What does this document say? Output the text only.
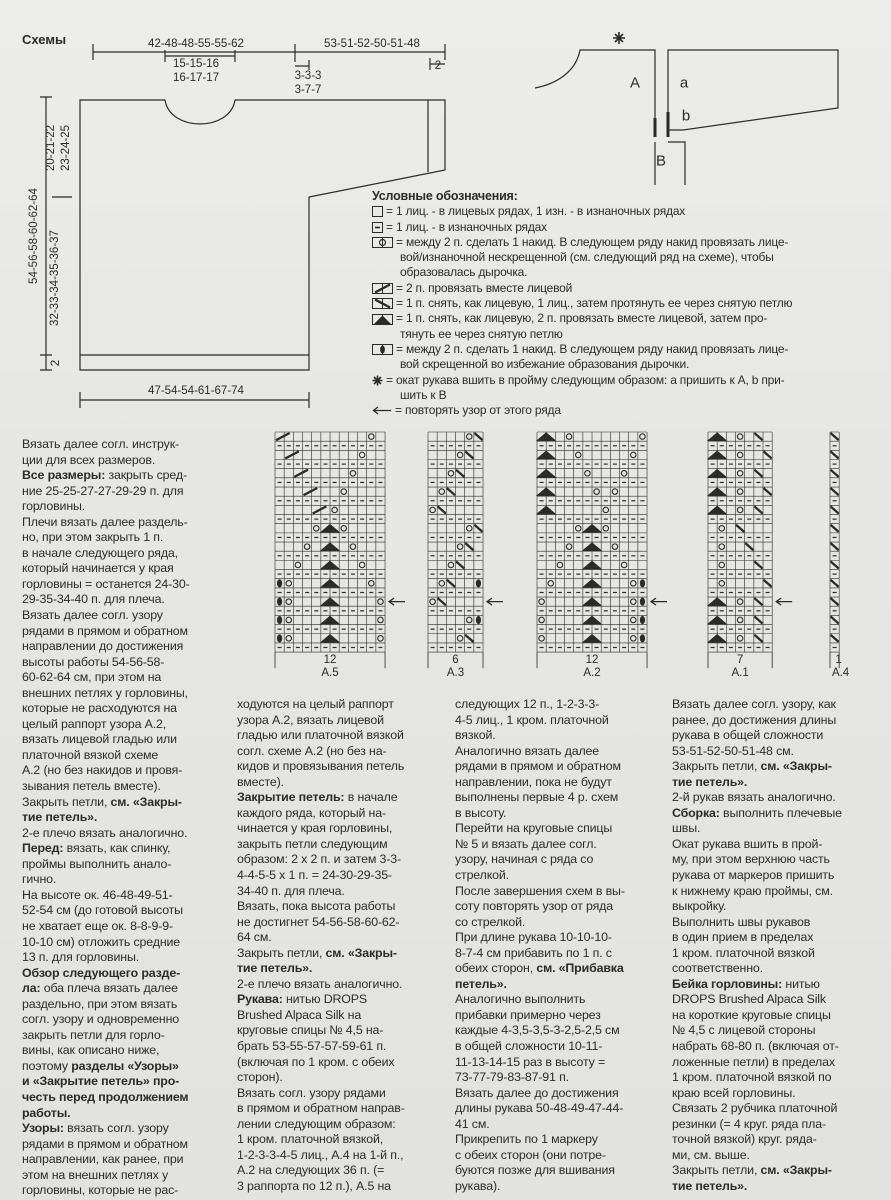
Схемы	42-48-48-55-55-62	53-51-52-50-51-48
15-15-16
16-17-17	3-3-3
3-7-7
2
20-21-22 23-24-25
54-56-58-60-62-64 32-33-34-35-36-37
2
47-54-54-61-67-74
A	a
b
B
Условные обозначения:
= 1 лиц. - в лицевых рядах, 1 изн. - в изнаночных рядах
= 1 лиц. - в изнаночных рядах
= между 2 п. сделать 1 накид. В следующем ряду накид провязать лице-
вой/изнаночной нескрещенной (см. следующий ряд на схеме), чтобы
образовалась дырочка.
= 2 п. провязать вместе лицевой
= 1 п. снять, как лицевую, 1 лиц., затем протянуть ее через снятую петлю
= 1 п. снять, как лицевую, 2 п. провязать вместе лицевой, затем про-
тянуть ее через снятую петлю
= между 2 п. сделать 1 накид. В следующем ряду накид провязать лице-
вой скрещенной во избежание образования дырочки.
= окат рукава вшить в пройму следующим образом: а пришить к А, b при-
шить к В
= повторять узор от этого ряда
Вязать далее согл. инструк-
ции для всех размеров.
Все размеры: закрыть сред-
ние 25-25-27-27-29-29 п. для
горловины.
Плечи вязать далее раздель-
но, при этом закрыть 1 п.
в начале следующего ряда,
который начинается у края
горловины = останется 24-30-
29-35-34-40 п. для плеча.
Вязать далее согл. узору
рядами в прямом и обратном
направлении до достижения
высоты работы 54-56-58-
60-62-64 см, при этом на
внешних петлях у горловины,
которые не расходуются на
целый раппорт узора А.2,
вязать лицевой гладью или
платочной вязкой схеме
А.2 (но без накидов и провя-
зывания петель вместе).
Закрыть петли, см. «Закры-
тие петель».
2-е плечо вязать аналогично.
Перед: вязать, как спинку,
проймы выполнить анало-
гично.
На высоте ок. 46-48-49-51-
52-54 см (до готовой высоты
не хватает еще ок. 8-8-9-9-
10-10 см) отложить средние
13 п. для горловины.
Обзор следующего разде-
ла: оба плеча вязать далее
раздельно, при этом вязать
согл. узору и одновременно
закрыть петли для горло-
вины, как описано ниже,
поэтому разделы «Узоры»
и «Закрытие петель» про-
честь перед продолжением
работы.
Узоры: вязать согл. узору
рядами в прямом и обратном
направлении, как ранее, при
этом на внешних петлях у
горловины, которые не рас-
ходуются на целый раппорт
узора А.2, вязать лицевой
гладью или платочной вязкой
согл. схеме А.2 (но без на-
кидов и провязывания петель
вместе).
Закрытие петель: в начале
каждого ряда, который на-
чинается у края горловины,
закрыть петли следующим
образом: 2 x 2 п. и затем 3-3-
4-4-5-5 x 1 п. = 24-30-29-35-
34-40 п. для плеча.
Вязать, пока высота работы
не достигнет 54-56-58-60-62-
64 см.
Закрыть петли, см. «Закры-
тие петель».
2-е плечо вязать аналогично.
Рукава: нитью DROPS
Brushed Alpaca Silk на
круговые спицы № 4,5 на-
брать 53-55-57-57-59-61 п.
(включая по 1 кром. с обеих
сторон).
Вязать согл. узору рядами
в прямом и обратном направ-
лении следующим образом:
1 кром. платочной вязкой,
1-2-3-3-4-5 лиц., А.4 на 1-й п.,
А.2 на следующих 36 п. (=
3 раппорта по 12 п.), А.5 на
следующих 12 п., 1-2-3-3-
4-5 лиц., 1 кром. платочной
вязкой.
Аналогично вязать далее
рядами в прямом и обратном
направлении, пока не будут
выполнены первые 4 р. схем
в высоту.
Перейти на круговые спицы
№ 5 и вязать далее согл.
узору, начиная с ряда со
стрелкой.
После завершения схем в вы-
соту повторять узор от ряда
со стрелкой.
При длине рукава 10-10-10-
8-7-4 см прибавить по 1 п. с
обеих сторон, см. «Прибавка
петель».
Аналогично выполнить
прибавки примерно через
каждые 4-3,5-3,5-3-2,5-2,5 см
в общей сложности 10-11-
11-13-14-15 раз в высоту =
73-77-79-83-87-91 п.
Вязать далее до достижения
длины рукава 50-48-49-47-44-
41 см.
Прикрепить по 1 маркеру
с обеих сторон (они потре-
буются позже для вшивания
рукава).
Вязать далее согл. узору, как
ранее, до достижения длины
рукава в общей сложности
53-51-52-50-51-48 см.
Закрыть петли, см. «Закры-
тие петель».
2-й рукав вязать аналогично.
Сборка: выполнить плечевые
швы.
Окат рукава вшить в прой-
му, при этом верхнюю часть
рукава от маркеров пришить
к нижнему краю проймы, см.
выкройку.
Выполнить швы рукавов
в один прием в пределах
1 кром. платочной вязкой
соответственно.
Бейка горловины: нитью
DROPS Brushed Alpaca Silk
на короткие круговые спицы
№ 4,5 с лицевой стороны
набрать 68-80 п. (включая от-
ложенные петли) в пределах
1 кром. платочной вязкой по
краю всей горловины.
Связать 2 рубчика платочной
резинки (= 4 круг. ряда пла-
точной вязкой) круг. ряда-
ми, см. выше.
Закрыть петли, см. «Закры-
тие петель».
12
A.5
6
A.3
12
A.2
7
A.1
1
A.4
